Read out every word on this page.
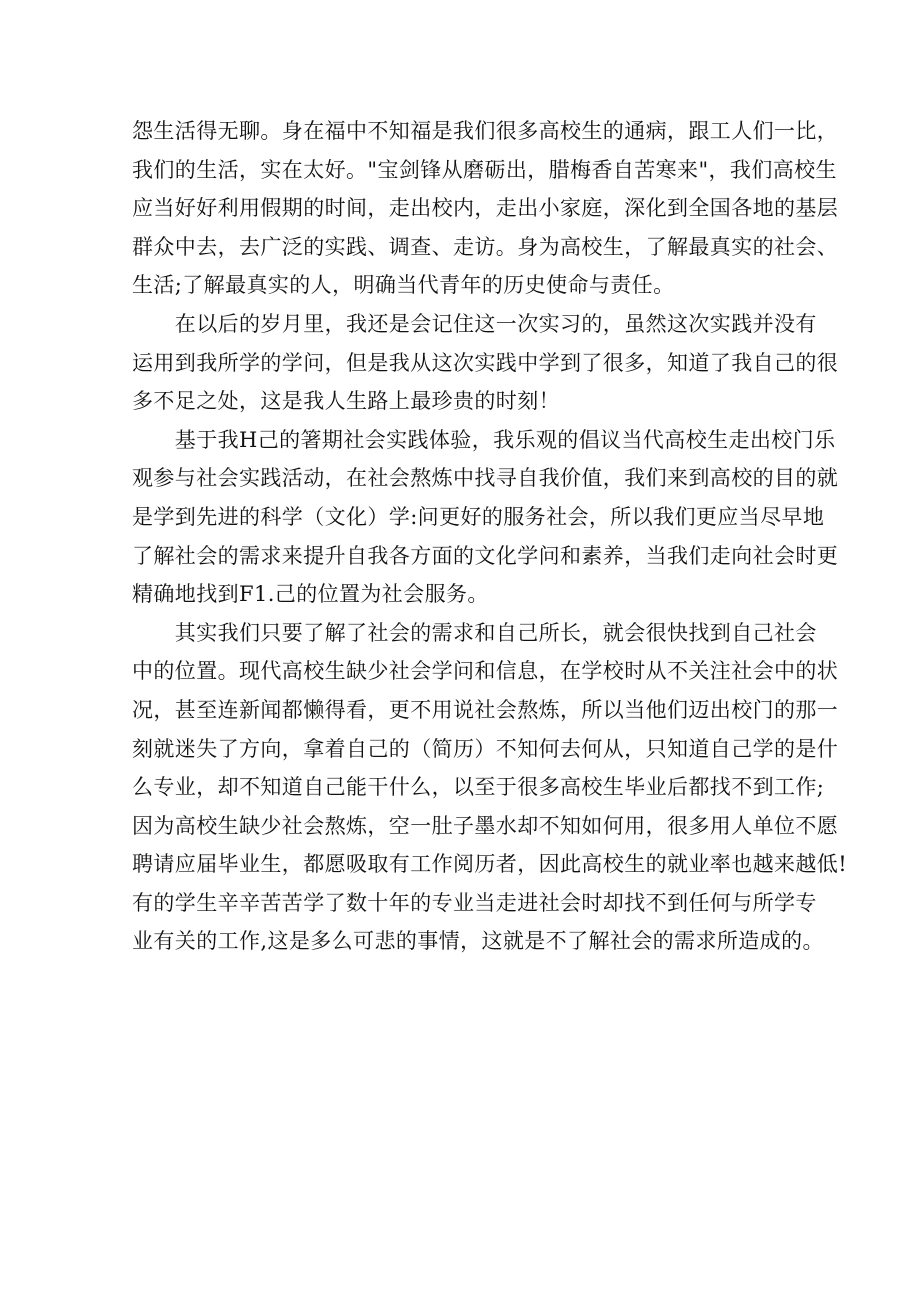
怨生活得无聊。身在福中不知福是我们很多高校生的通病，跟工人们一比，
我们的生活，实在太好。"宝剑锋从磨砺出，腊梅香自苦寒来"，我们高校生
应当好好利用假期的时间，走出校内，走出小家庭，深化到全国各地的基层
群众中去，去广泛的实践、调查、走访。身为高校生，了解最真实的社会、
生活;了解最真实的人，明确当代青年的历史使命与责任。
　　在以后的岁月里，我还是会记住这一次实习的，虽然这次实践并没有
运用到我所学的学问，但是我从这次实践中学到了很多，知道了我自己的很
多不足之处，这是我人生路上最珍贵的时刻！
　　基于我H己的箸期社会实践体验，我乐观的倡议当代高校生走出校门乐
观参与社会实践活动，在社会熬炼中找寻自我价值，我们来到高校的目的就
是学到先进的科学（文化）学:问更好的服务社会，所以我们更应当尽早地
了解社会的需求来提升自我各方面的文化学问和素养，当我们走向社会时更
精确地找到F1.己的位置为社会服务。
　　其实我们只要了解了社会的需求和自己所长，就会很快找到自己社会
中的位置。现代高校生缺少社会学问和信息，在学校时从不关注社会中的状
况，甚至连新闻都懒得看，更不用说社会熬炼，所以当他们迈出校门的那一
刻就迷失了方向，拿着自己的（简历）不知何去何从，只知道自己学的是什
么专业，却不知道自己能干什么，以至于很多高校生毕业后都找不到工作;
因为高校生缺少社会熬炼，空一肚子墨水却不知如何用，很多用人单位不愿
聘请应届毕业生，都愿吸取有工作阅历者，因此高校生的就业率也越来越低!
有的学生辛辛苦苦学了数十年的专业当走进社会时却找不到任何与所学专
业有关的工作,这是多么可悲的事情，这就是不了解社会的需求所造成的。
